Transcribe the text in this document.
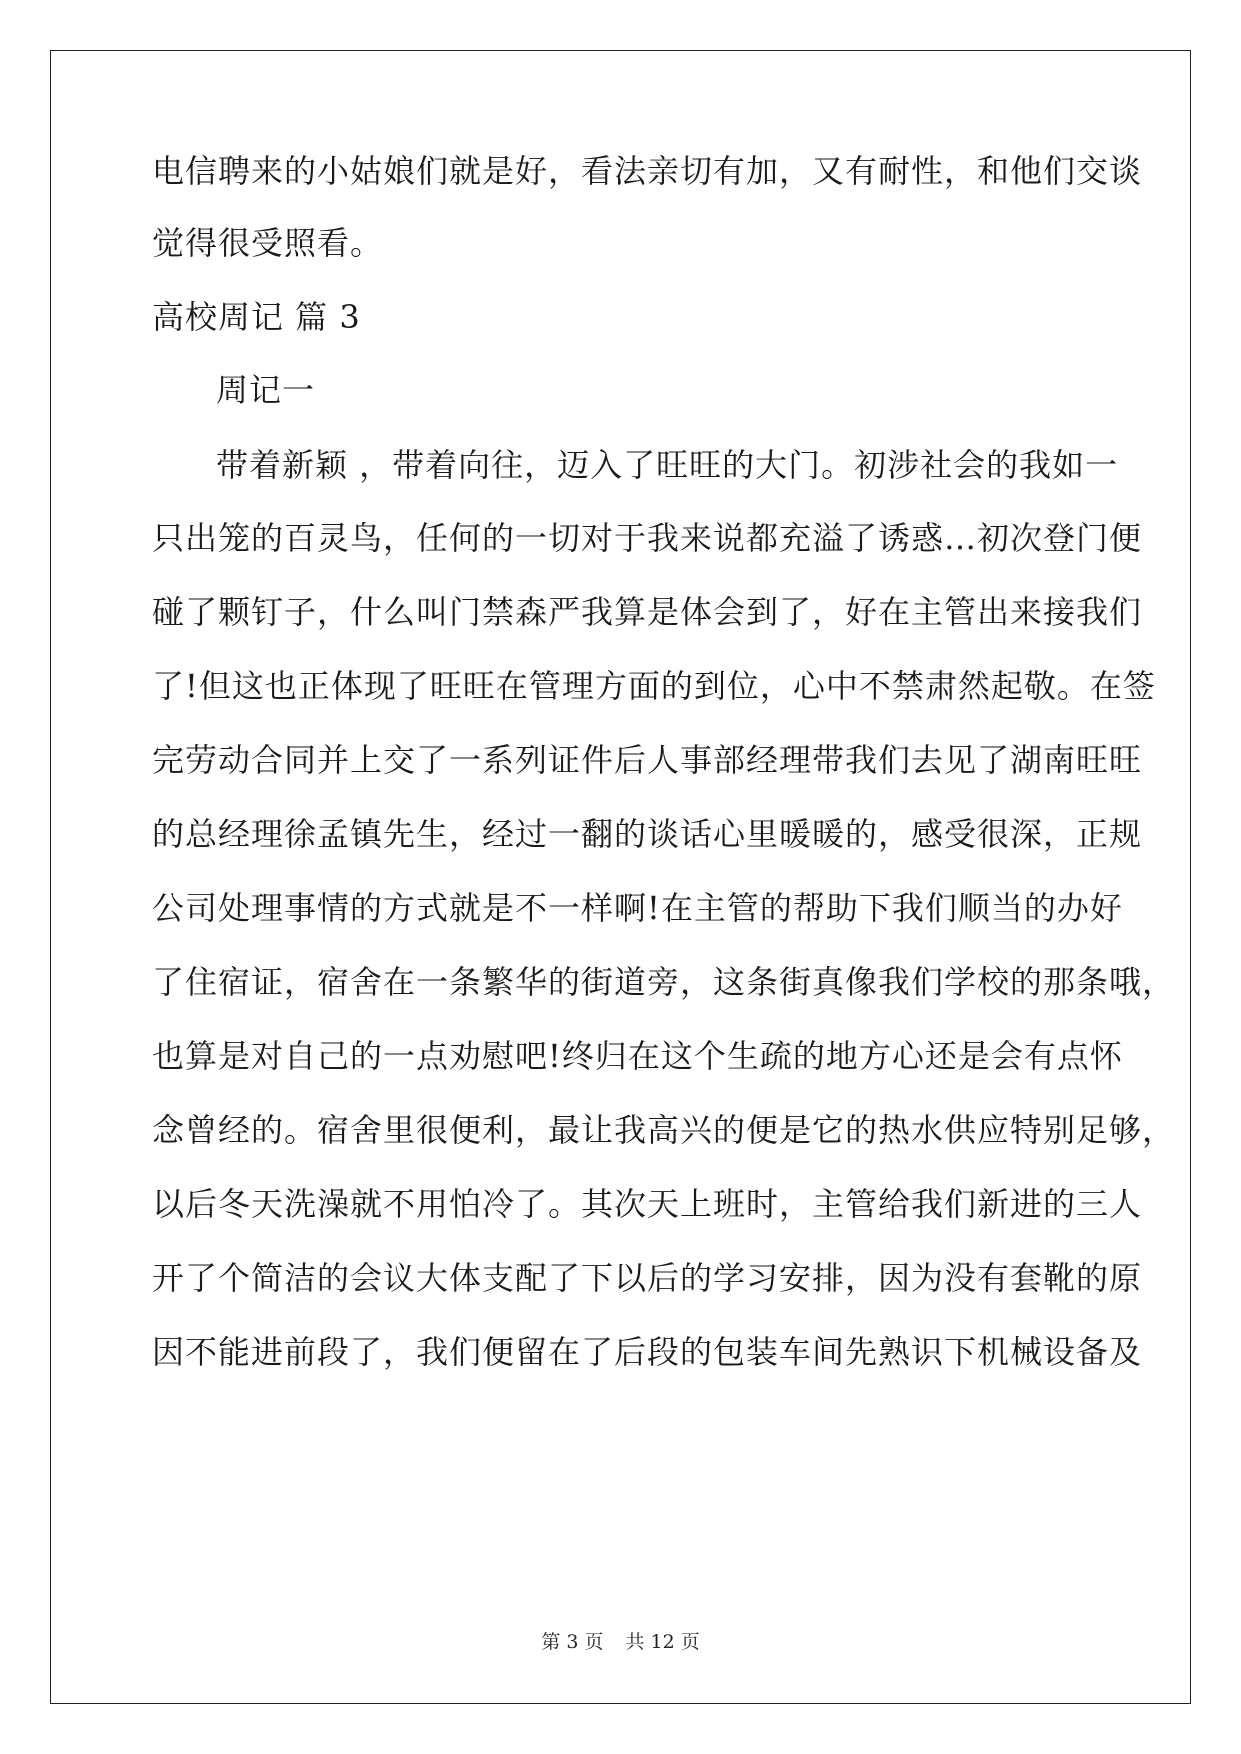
电信聘来的小姑娘们就是好，看法亲切有加，又有耐性，和他们交谈
觉得很受照看。
高校周记 篇 3
周记一
带着新颖 ，带着向往，迈入了旺旺的大门。初涉社会的我如一
只出笼的百灵鸟，任何的一切对于我来说都充溢了诱惑…初次登门便
碰了颗钉子，什么叫门禁森严我算是体会到了，好在主管出来接我们
了!但这也正体现了旺旺在管理方面的到位，心中不禁肃然起敬。在签
完劳动合同并上交了一系列证件后人事部经理带我们去见了湖南旺旺
的总经理徐孟镇先生，经过一翻的谈话心里暖暖的，感受很深，正规
公司处理事情的方式就是不一样啊!在主管的帮助下我们顺当的办好
了住宿证，宿舍在一条繁华的街道旁，这条街真像我们学校的那条哦，
也算是对自己的一点劝慰吧!终归在这个生疏的地方心还是会有点怀
念曾经的。宿舍里很便利，最让我高兴的便是它的热水供应特别足够，
以后冬天洗澡就不用怕冷了。其次天上班时，主管给我们新进的三人
开了个简洁的会议大体支配了下以后的学习安排，因为没有套靴的原
因不能进前段了，我们便留在了后段的包装车间先熟识下机械设备及
第 3 页 共 12 页
